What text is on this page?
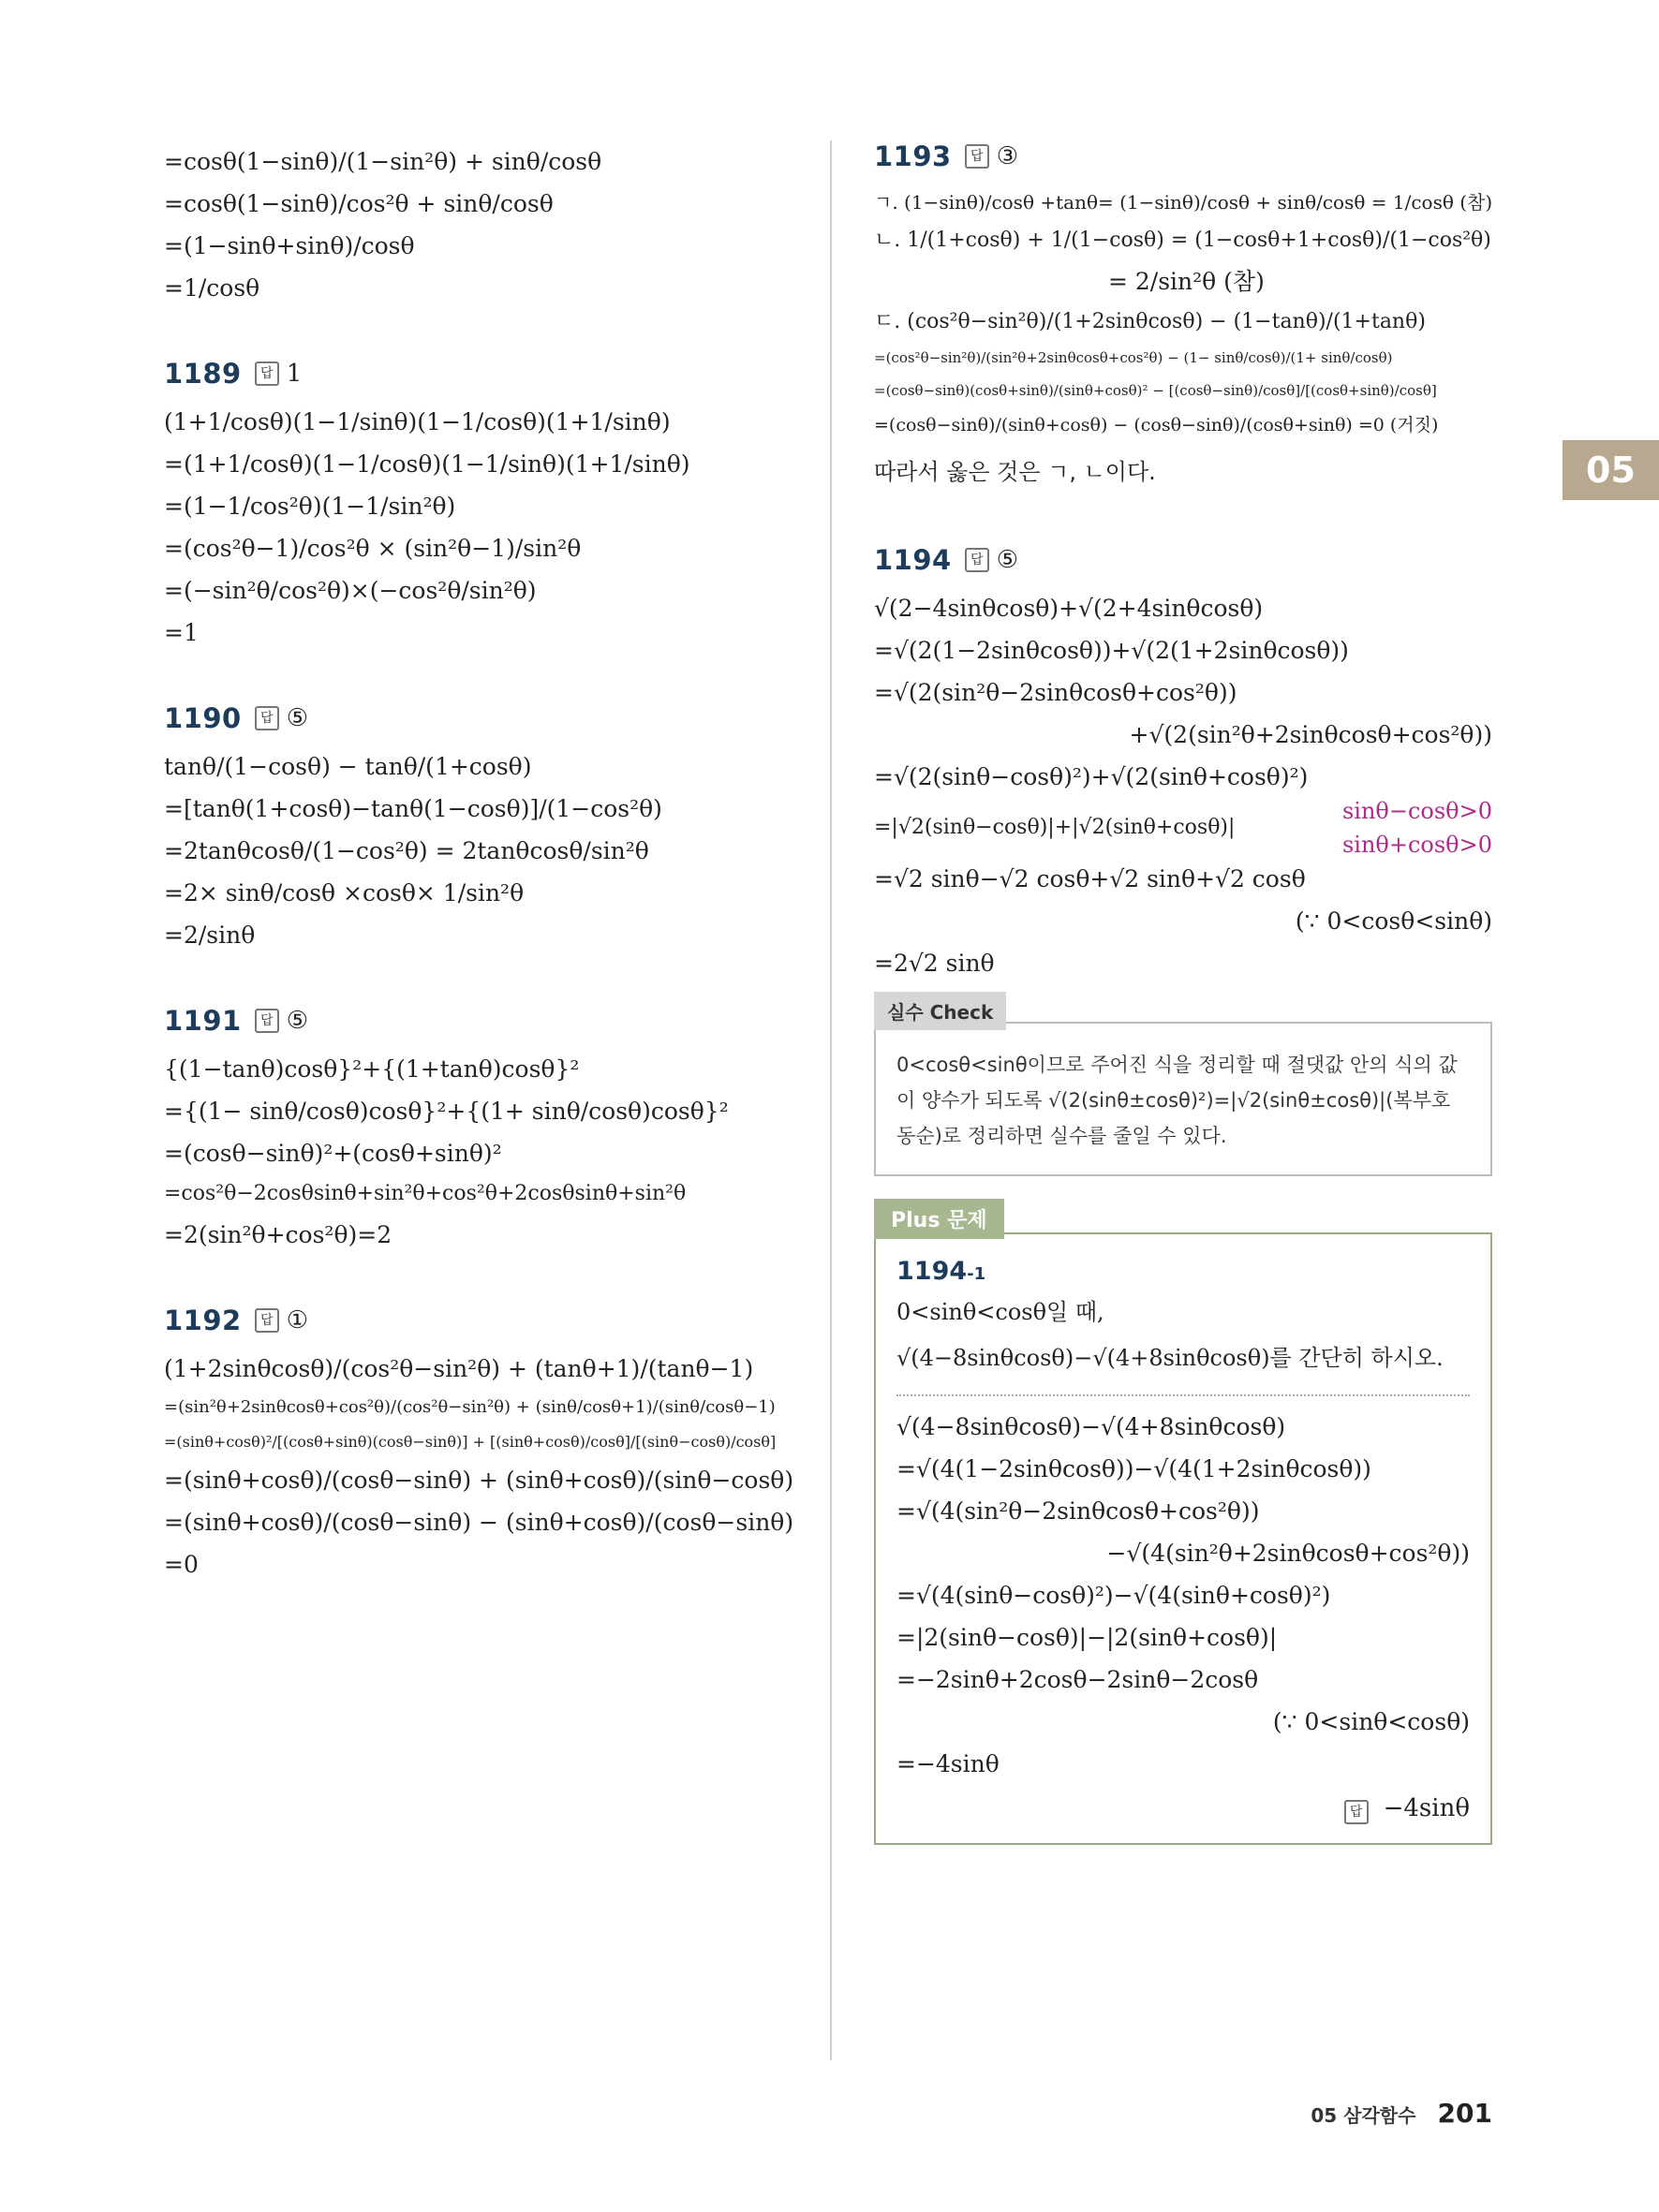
=cosθ(1−sinθ)/(1−sin²θ) + sinθ/cosθ

=cosθ(1−sinθ)/cos²θ + sinθ/cosθ

=(1−sinθ+sinθ)/cosθ

=1/cosθ

1189	답 1

(1+1/cosθ)(1−1/sinθ)(1−1/cosθ)(1+1/sinθ)

=(1+1/cosθ)(1−1/cosθ)(1−1/sinθ)(1+1/sinθ)

=(1−1/cos²θ)(1−1/sin²θ)

=(cos²θ−1)/cos²θ × (sin²θ−1)/sin²θ

=(−sin²θ/cos²θ)×(−cos²θ/sin²θ)

=1

1190	답 ⑤

tanθ/(1−cosθ) − tanθ/(1+cosθ)

=[tanθ(1+cosθ)−tanθ(1−cosθ)]/(1−cos²θ)

=2tanθcosθ/(1−cos²θ) = 2tanθcosθ/sin²θ

=2× sinθ/cosθ ×cosθ× 1/sin²θ

=2/sinθ

1191	답 ⑤

{(1−tanθ)cosθ}²+{(1+tanθ)cosθ}²

={(1− sinθ/cosθ)cosθ}²+{(1+ sinθ/cosθ)cosθ}²

=(cosθ−sinθ)²+(cosθ+sinθ)²

=cos²θ−2cosθsinθ+sin²θ+cos²θ+2cosθsinθ+sin²θ

=2(sin²θ+cos²θ)=2

1192	답 ①

(1+2sinθcosθ)/(cos²θ−sin²θ) + (tanθ+1)/(tanθ−1)

=(sin²θ+2sinθcosθ+cos²θ)/(cos²θ−sin²θ) + (sinθ/cosθ+1)/(sinθ/cosθ−1)

=(sinθ+cosθ)²/[(cosθ+sinθ)(cosθ−sinθ)] + [(sinθ+cosθ)/cosθ]/[(sinθ−cosθ)/cosθ]

=(sinθ+cosθ)/(cosθ−sinθ) + (sinθ+cosθ)/(sinθ−cosθ)

=(sinθ+cosθ)/(cosθ−sinθ) − (sinθ+cosθ)/(cosθ−sinθ)

=0

1193	답 ③

ㄱ. (1−sinθ)/cosθ +tanθ= (1−sinθ)/cosθ + sinθ/cosθ = 1/cosθ (참)

ㄴ. 1/(1+cosθ) + 1/(1−cosθ) = (1−cosθ+1+cosθ)/(1−cos²θ)

= 2/sin²θ (참)

ㄷ. (cos²θ−sin²θ)/(1+2sinθcosθ) − (1−tanθ)/(1+tanθ)

=(cos²θ−sin²θ)/(sin²θ+2sinθcosθ+cos²θ) − (1− sinθ/cosθ)/(1+ sinθ/cosθ)

=(cosθ−sinθ)(cosθ+sinθ)/(sinθ+cosθ)² − [(cosθ−sinθ)/cosθ]/[(cosθ+sinθ)/cosθ]

=(cosθ−sinθ)/(sinθ+cosθ) − (cosθ−sinθ)/(cosθ+sinθ) =0 (거짓)

따라서 옳은 것은 ㄱ, ㄴ이다.
1194	답 ⑤

√(2−4sinθcosθ)+√(2+4sinθcosθ)

=√(2(1−2sinθcosθ))+√(2(1+2sinθcosθ))

=√(2(sin²θ−2sinθcosθ+cos²θ))

+√(2(sin²θ+2sinθcosθ+cos²θ))

=√(2(sinθ−cosθ)²)+√(2(sinθ+cosθ)²)

=|√2(sinθ−cosθ)|+|√2(sinθ+cosθ)|

sinθ−cosθ>0
sinθ+cosθ>0

=√2 sinθ−√2 cosθ+√2 sinθ+√2 cosθ

(∵ 0<cosθ<sinθ)

=2√2 sinθ

실수 Check
0<cosθ<sinθ이므로 주어진 식을 정리할 때 절댓값 안의 식의 값이 양수가 되도록 √(2(sinθ±cosθ)²)=|√2(sinθ±cosθ)|(복부호 동순)로 정리하면 실수를 줄일 수 있다.
Plus 문제
1194-1
0<sinθ<cosθ일 때,
√(4−8sinθcosθ)−√(4+8sinθcosθ)를 간단히 하시오.

√(4−8sinθcosθ)−√(4+8sinθcosθ)

=√(4(1−2sinθcosθ))−√(4(1+2sinθcosθ))

=√(4(sin²θ−2sinθcosθ+cos²θ))

−√(4(sin²θ+2sinθcosθ+cos²θ))

=√(4(sinθ−cosθ)²)−√(4(sinθ+cosθ)²)

=|2(sinθ−cosθ)|−|2(sinθ+cosθ)|

=−2sinθ+2cosθ−2sinθ−2cosθ

(∵ 0<sinθ<cosθ)

=−4sinθ

답 −4sinθ
05
05 삼각함수 201
